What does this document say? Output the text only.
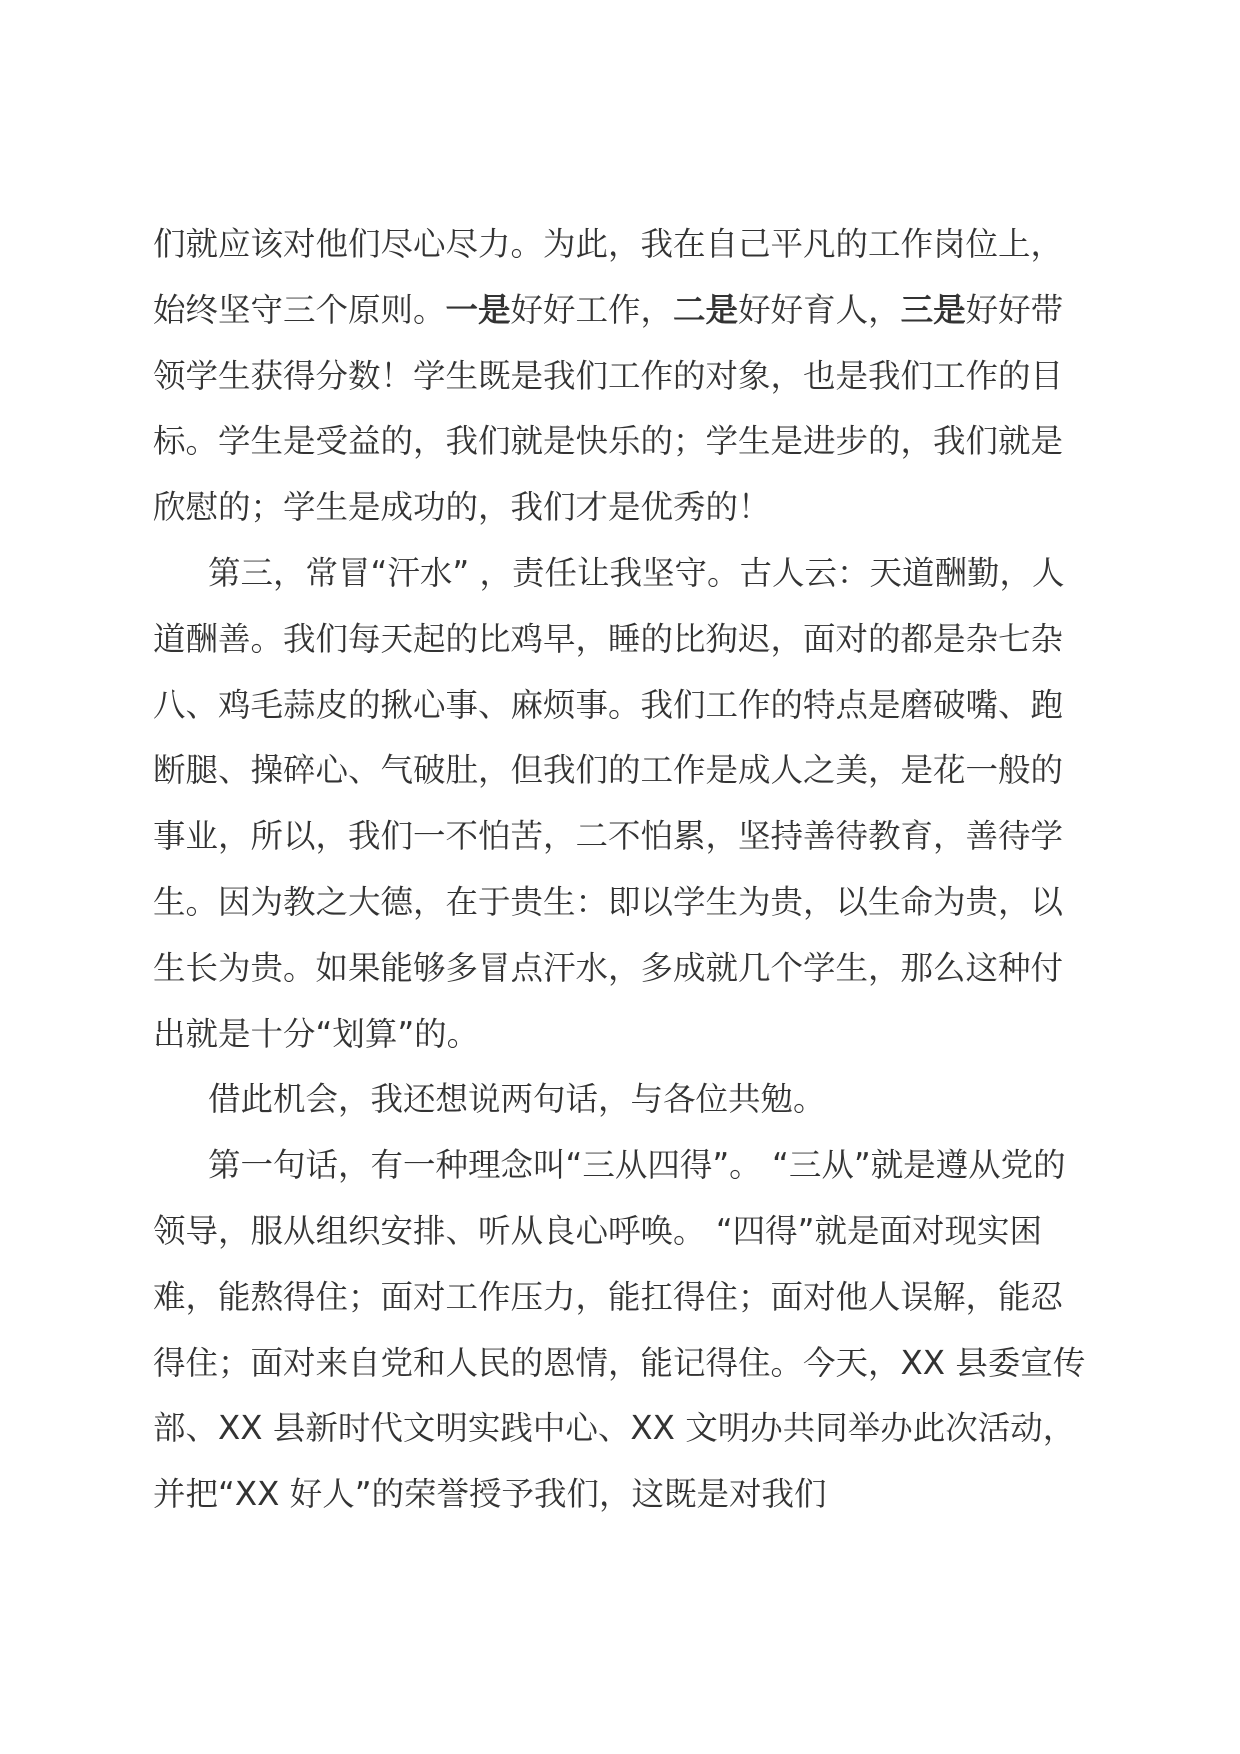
们就应该对他们尽心尽力。为此，我在自己平凡的工作岗位上，始终坚守三个原则。一是好好工作，二是好好育人，三是好好带领学生获得分数！学生既是我们工作的对象，也是我们工作的目标。学生是受益的，我们就是快乐的；学生是进步的，我们就是欣慰的；学生是成功的，我们才是优秀的！

第三，常冒“汗水” ，责任让我坚守。古人云：天道酬勤，人道酬善。我们每天起的比鸡早，睡的比狗迟，面对的都是杂七杂八、鸡毛蒜皮的揪心事、麻烦事。我们工作的特点是磨破嘴、跑断腿、操碎心、气破肚，但我们的工作是成人之美，是花一般的事业，所以，我们一不怕苦，二不怕累，坚持善待教育，善待学生。因为教之大德，在于贵生：即以学生为贵，以生命为贵，以生长为贵。如果能够多冒点汗水，多成就几个学生，那么这种付出就是十分“划算”的。

借此机会，我还想说两句话，与各位共勉。

第一句话，有一种理念叫“三从四得”。 “三从”就是遵从党的领导，服从组织安排、听从良心呼唤。 “四得”就是面对现实困难，能熬得住；面对工作压力，能扛得住；面对他人误解，能忍得住；面对来自党和人民的恩情，能记得住。今天，XX 县委宣传部、XX 县新时代文明实践中心、XX 文明办共同举办此次活动，并把“XX 好人”的荣誉授予我们，这既是对我们
